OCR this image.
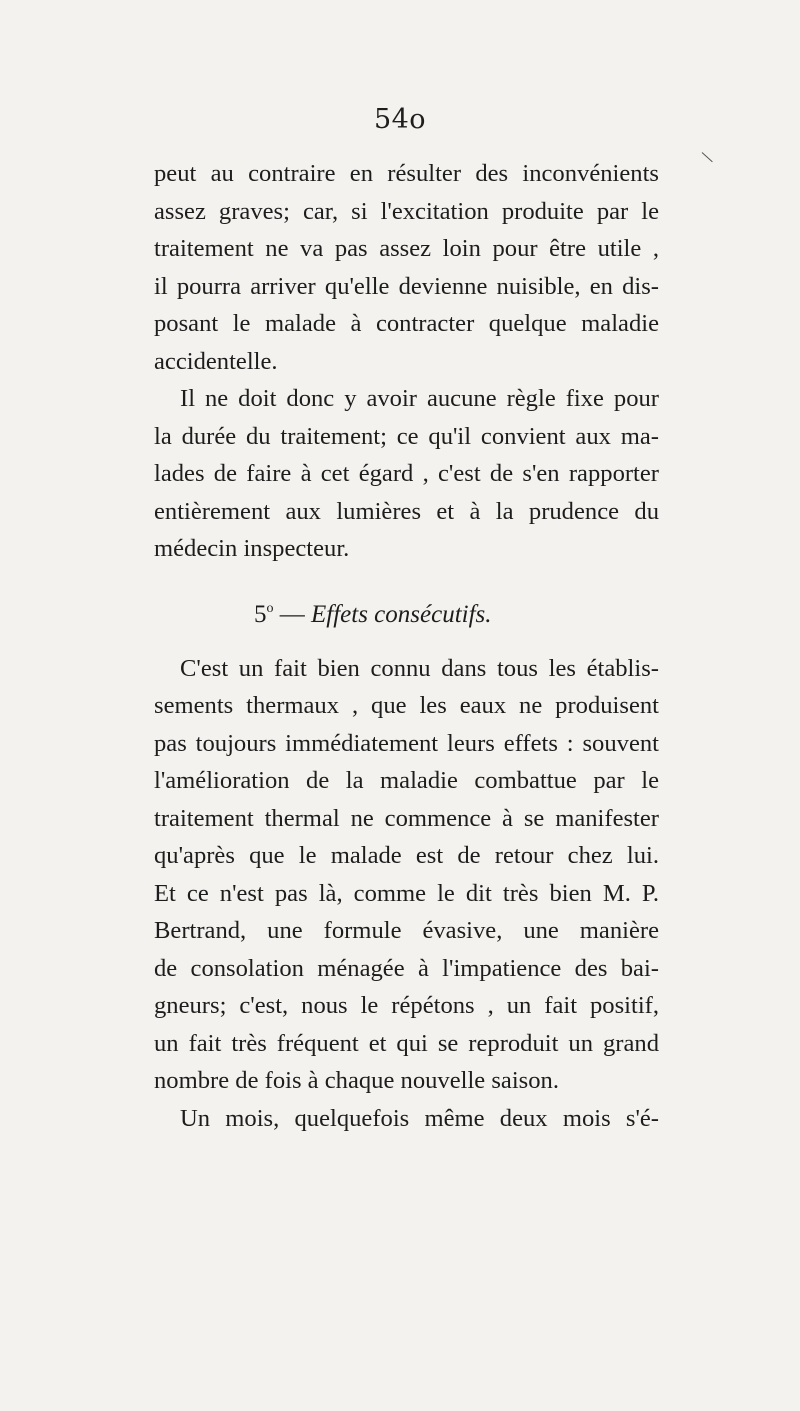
54o
peut au contraire en résulter des inconvénients
assez graves; car, si l'excitation produite par le
traitement ne va pas assez loin pour être utile ,
il pourra arriver qu'elle devienne nuisible, en dis-
posant le malade à contracter quelque maladie
accidentelle.
Il ne doit donc y avoir aucune règle fixe pour
la durée du traitement; ce qu'il convient aux ma-
lades de faire à cet égard , c'est de s'en rapporter
entièrement aux lumières et à la prudence du
médecin inspecteur.
5$^o$ — Effets consécutifs.
C'est un fait bien connu dans tous les établis-
sements thermaux , que les eaux ne produisent
pas toujours immédiatement leurs effets : souvent
l'amélioration de la maladie combattue par le
traitement thermal ne commence à se manifester
qu'après que le malade est de retour chez lui.
Et ce n'est pas là, comme le dit très bien M. P.
Bertrand, une formule évasive, une manière
de consolation ménagée à l'impatience des bai-
gneurs; c'est, nous le répétons , un fait positif,
un fait très fréquent et qui se reproduit un grand
nombre de fois à chaque nouvelle saison.
Un mois, quelquefois même deux mois s'é-
